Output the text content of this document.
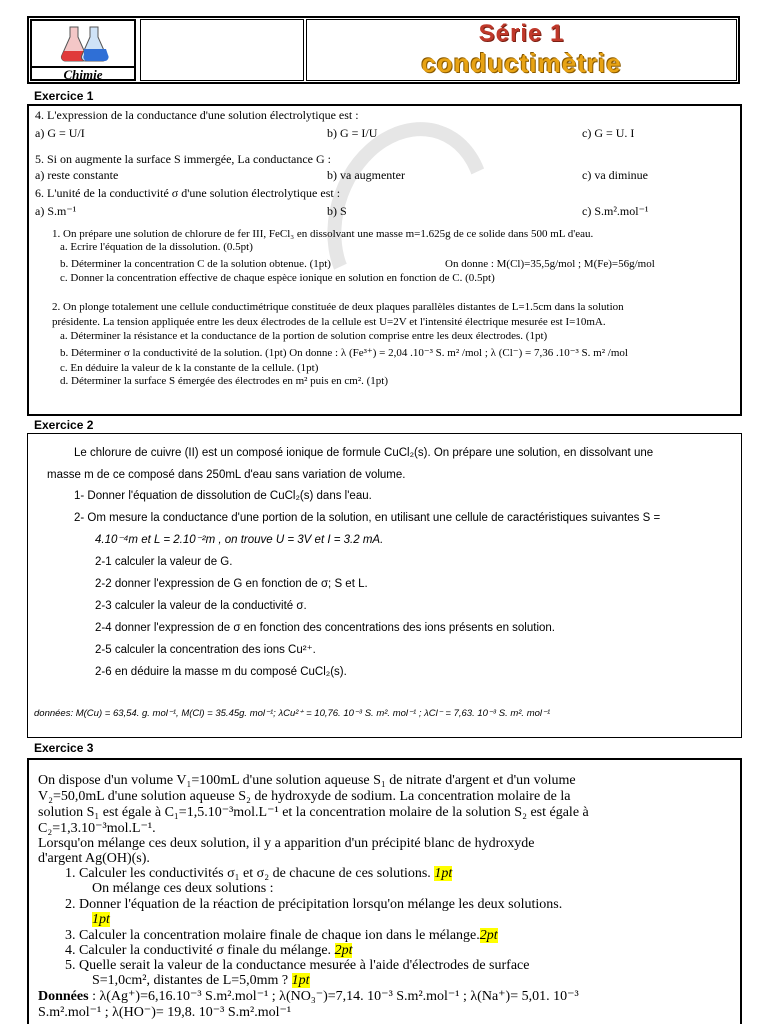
Chimie
Série 1
conductimètrie
Exercice 1
4. L'expression de la conductance d'une solution électrolytique est :
a) G = U/I	b) G = I/U	c) G = U. I
5. Si on augmente la surface S immergée, La conductance G :
a) reste constante	b) va augmenter	c) va diminue
6. L'unité de la conductivité σ d'une solution électrolytique est :
a) S.m⁻¹	b) S	c) S.m².mol⁻¹
1. On prépare une solution de chlorure de fer III, FeCl₃ en dissolvant une masse m=1.625g de ce solide dans 500 mL d'eau.
a. Ecrire l'équation de la dissolution. (0.5pt)
b. Déterminer la concentration C de la solution obtenue. (1pt)	On donne : M(Cl)=35,5g/mol ; M(Fe)=56g/mol
c. Donner la concentration effective de chaque espèce ionique en solution en fonction de C. (0.5pt)
2. On plonge totalement une cellule conductimétrique constituée de deux plaques parallèles distantes de L=1.5cm dans la solution
présidente. La tension appliquée entre les deux électrodes de la cellule est U=2V et l'intensité électrique mesurée est I=10mA.
a. Déterminer la résistance et la conductance de la portion de solution comprise entre les deux électrodes. (1pt)
b. Déterminer σ la conductivité de la solution. (1pt) On donne : λ (Fe³⁺) = 2,04 .10⁻³ S. m² /mol ; λ (Cl⁻) = 7,36 .10⁻³ S. m² /mol
c. En déduire la valeur de k la constante de la cellule. (1pt)
d. Déterminer la surface S émergée des électrodes en m² puis en cm². (1pt)
Exercice 2
Le chlorure de cuivre (II) est un composé ionique de formule CuCl₂(s). On prépare une solution, en dissolvant une
masse m de ce composé dans 250mL d'eau sans variation de volume.
1- Donner l'équation de dissolution de CuCl₂(s) dans l'eau.
2- Om mesure la conductance d'une portion de la solution, en utilisant une cellule de caractéristiques suivantes S =
4.10⁻⁴m et L = 2.10⁻²m , on trouve U = 3V et I = 3.2 mA.
2-1 calculer la valeur de G.
2-2 donner l'expression de G en fonction de σ; S et L.
2-3 calculer la valeur de la conductivité σ.
2-4 donner l'expression de σ en fonction des concentrations des ions présents en solution.
2-5 calculer la concentration des ions Cu²⁺.
2-6 en déduire la masse m du composé CuCl₂(s).
données: M(Cu) = 63,54. g. mol⁻¹, M(Cl) = 35.45g. mol⁻¹; λCu²⁺ = 10,76. 10⁻³ S. m². mol⁻¹ ; λCl⁻ = 7,63. 10⁻³ S. m². mol⁻¹
Exercice 3
On dispose d'un volume V₁=100mL d'une solution aqueuse S₁ de nitrate d'argent et d'un volume
V₂=50,0mL d'une solution aqueuse S₂ de hydroxyde de sodium. La concentration molaire de la
solution S₁ est égale à C₁=1,5.10⁻³mol.L⁻¹ et la concentration molaire de la solution S₂ est égale à
C₂=1,3.10⁻³mol.L⁻¹.
Lorsqu'on mélange ces deux solution, il y a apparition d'un précipité blanc de hydroxyde
d'argent Ag(OH)(s).
1. Calculer les conductivités σ₁ et σ₂ de chacune de ces solutions. 1pt
On mélange ces deux solutions :
2. Donner l'équation de la réaction de précipitation lorsqu'on mélange les deux solutions.
1pt
3. Calculer la concentration molaire finale de chaque ion dans le mélange.2pt
4. Calculer la conductivité σ finale du mélange. 2pt
5. Quelle serait la valeur de la conductance mesurée à l'aide d'électrodes de surface
S=1,0cm², distantes de L=5,0mm ? 1pt
Données : λ(Ag⁺)=6,16.10⁻³ S.m².mol⁻¹ ; λ(NO₃⁻)=7,14. 10⁻³ S.m².mol⁻¹ ; λ(Na⁺)= 5,01. 10⁻³
S.m².mol⁻¹ ; λ(HO⁻)= 19,8. 10⁻³ S.m².mol⁻¹
